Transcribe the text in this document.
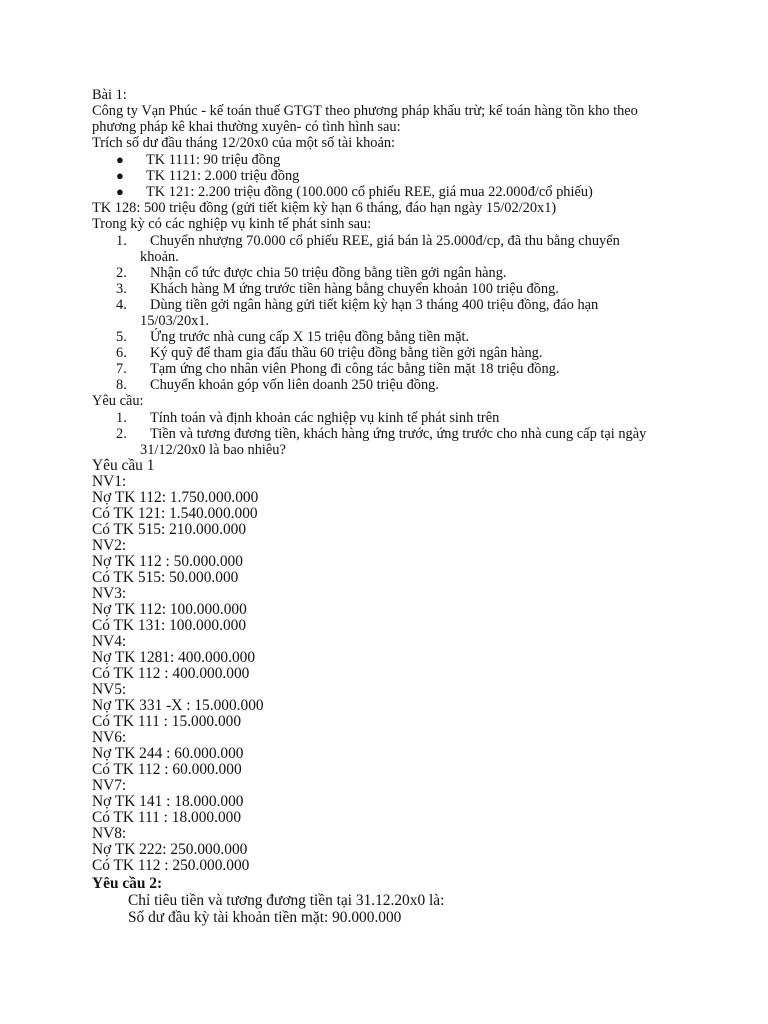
Bài 1:
Công ty Vạn Phúc - kế toán thuế GTGT theo phương pháp khấu trừ; kế toán hàng tồn kho theo
phương pháp kê khai thường xuyên- có tình hình sau:
Trích số dư đầu tháng 12/20x0 của một số tài khoản:
● TK 1111: 90 triệu đồng
● TK 1121: 2.000 triệu đồng
● TK 121: 2.200 triệu đồng (100.000 cổ phiếu REE, giá mua 22.000đ/cổ phiếu)
TK 128: 500 triệu đồng (gửi tiết kiệm kỳ hạn 6 tháng, đáo hạn ngày 15/02/20x1)
Trong kỳ có các nghiệp vụ kinh tế phát sinh sau:
1. Chuyển nhượng 70.000 cổ phiếu REE, giá bán là 25.000đ/cp, đã thu bằng chuyển
khoản.
2. Nhận cổ tức được chia 50 triệu đồng bằng tiền gởi ngân hàng.
3. Khách hàng M ứng trước tiền hàng bằng chuyển khoản 100 triệu đồng.
4. Dùng tiền gởi ngân hàng gửi tiết kiệm kỳ hạn 3 tháng 400 triệu đồng, đáo hạn
15/03/20x1.
5. Ứng trước nhà cung cấp X 15 triệu đồng bằng tiền mặt.
6. Ký quỹ để tham gia đấu thầu 60 triệu đồng bằng tiền gởi ngân hàng.
7. Tạm ứng cho nhân viên Phong đi công tác bằng tiền mặt 18 triệu đồng.
8. Chuyển khoản góp vốn liên doanh 250 triệu đồng.
Yêu cầu:
1. Tính toán và định khoản các nghiệp vụ kinh tế phát sinh trên
2. Tiền và tương đương tiền, khách hàng ứng trước, ứng trước cho nhà cung cấp tại ngày
31/12/20x0 là bao nhiêu?
Yêu cầu 1
NV1:
Nợ TK 112: 1.750.000.000
Có TK 121: 1.540.000.000
Có TK 515: 210.000.000
NV2:
Nợ TK 112 : 50.000.000
Có TK 515: 50.000.000
NV3:
Nợ TK 112: 100.000.000
Có TK 131: 100.000.000
NV4:
Nợ TK 1281: 400.000.000
Có TK 112 : 400.000.000
NV5:
Nợ TK 331 -X : 15.000.000
Có TK 111 : 15.000.000
NV6:
Nợ TK 244 : 60.000.000
Có TK 112 : 60.000.000
NV7:
Nợ TK 141 : 18.000.000
Có TK 111 : 18.000.000
NV8:
Nợ TK 222: 250.000.000
Có TK 112 : 250.000.000
Yêu cầu 2:
Chỉ tiêu tiền và tương đương tiền tại 31.12.20x0 là:
Số dư đầu kỳ tài khoản tiền mặt: 90.000.000
